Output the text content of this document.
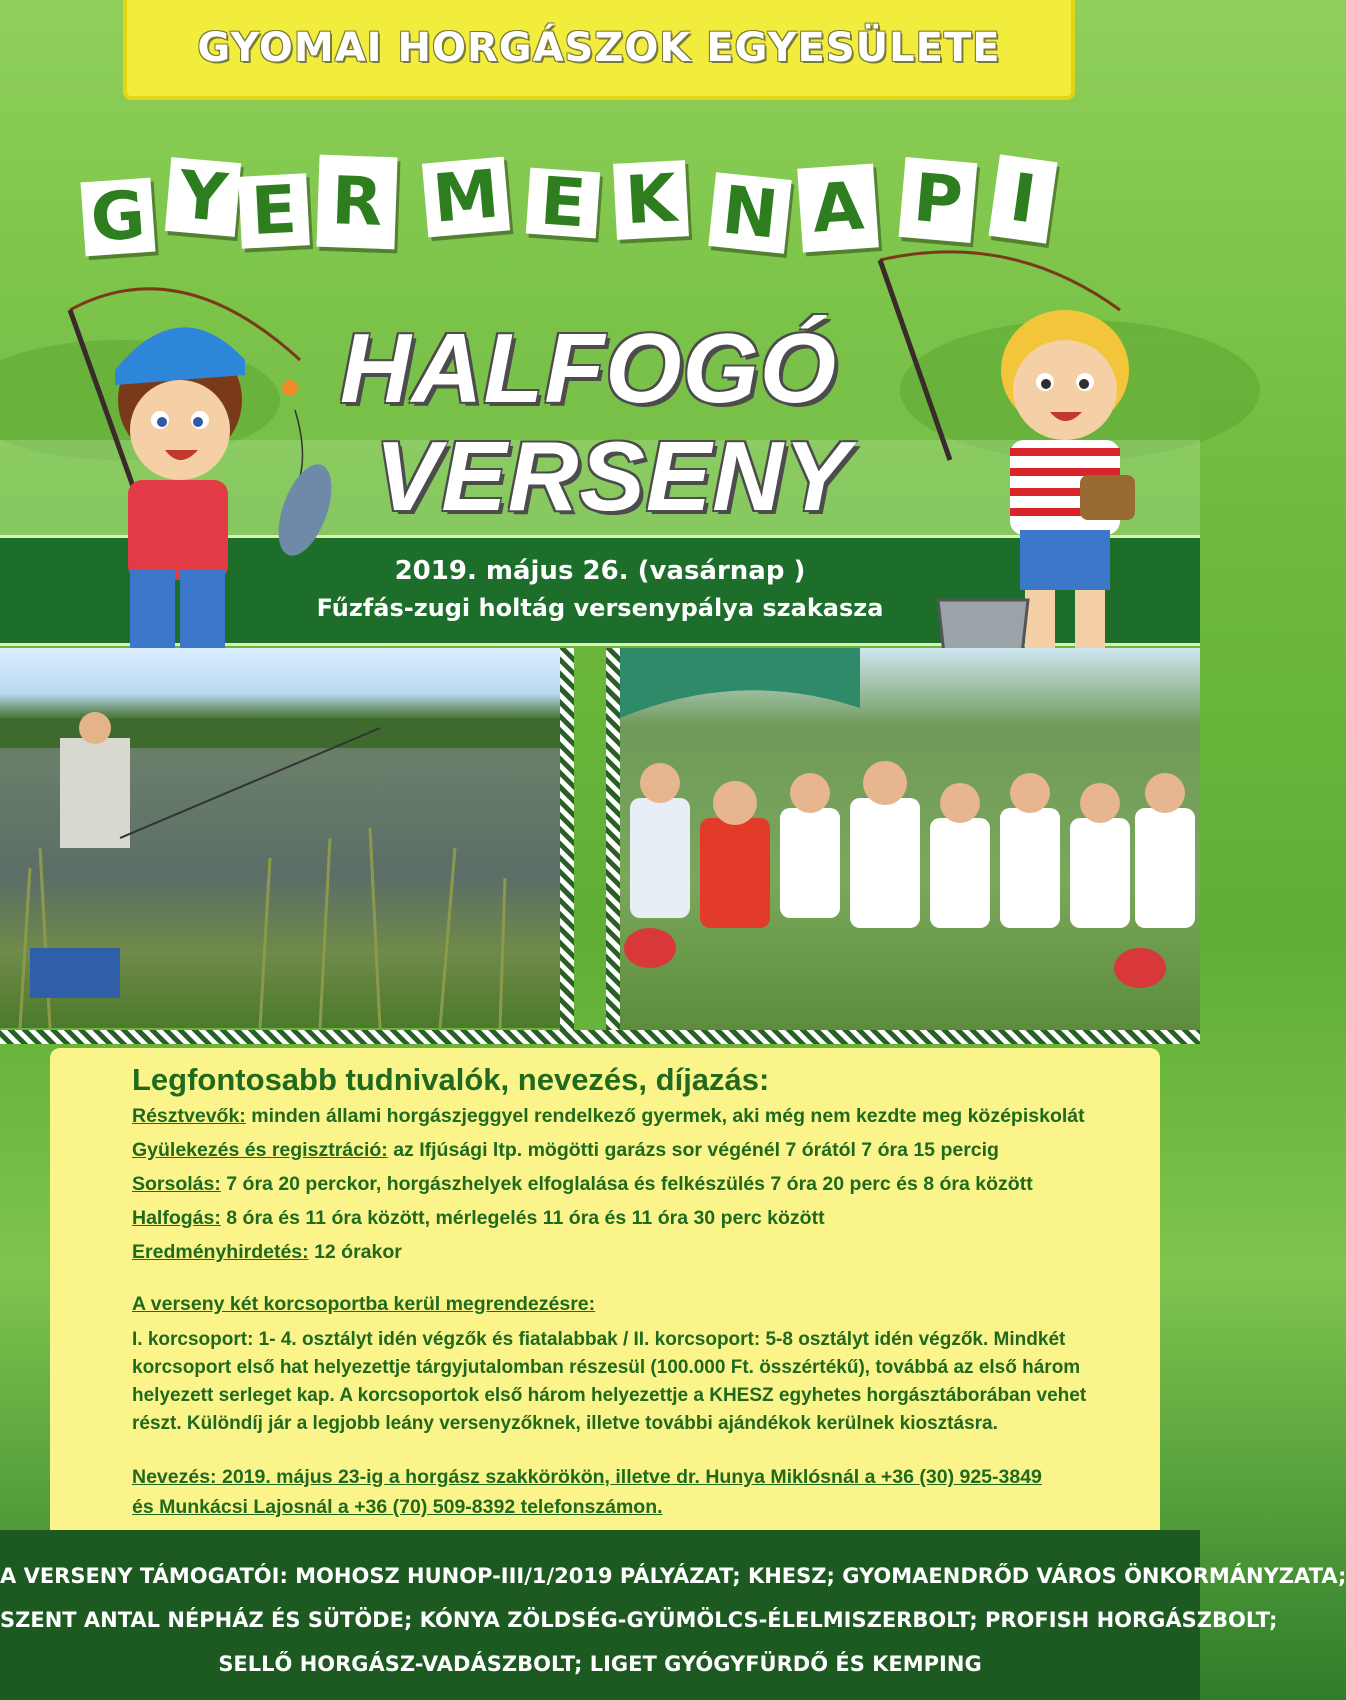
GYOMAI HORGÁSZOK EGYESÜLETE
G Y E R M E K N A P I
HALFOGÓ
VERSENY
2019. május 26. (vasárnap )
Fűzfás-zugi holtág versenypálya szakasza
Legfontosabb tudnivalók, nevezés, díjazás:
Résztvevők: minden állami horgászjeggyel rendelkező gyermek, aki még nem kezdte meg középiskolát
Gyülekezés és regisztráció: az Ifjúsági ltp. mögötti garázs sor végénél 7 órától 7 óra 15 percig
Sorsolás: 7 óra 20 perckor, horgászhelyek elfoglalása és felkészülés 7 óra 20 perc és 8 óra között
Halfogás: 8 óra és 11 óra között, mérlegelés 11 óra és 11 óra 30 perc között
Eredményhirdetés: 12 órakor
A verseny két korcsoportba kerül megrendezésre:
I. korcsoport: 1- 4. osztályt idén végzők és fiatalabbak / II. korcsoport: 5-8 osztályt idén végzők. Mindkét korcsoport első hat helyezettje tárgyjutalomban részesül (100.000 Ft. összértékű), továbbá az első három helyezett serleget kap. A korcsoportok első három helyezettje a KHESZ egyhetes horgásztáborában vehet részt. Különdíj jár a legjobb leány versenyzőknek, illetve további ajándékok kerülnek kiosztásra.
Nevezés: 2019. május 23-ig a horgász szakkörökön, illetve dr. Hunya Miklósnál a +36 (30) 925-3849
és Munkácsi Lajosnál a +36 (70) 509-8392 telefonszámon.
A VERSENY TÁMOGATÓI: MOHOSZ HUNOP-III/1/2019 PÁLYÁZAT; KHESZ; GYOMAENDRŐD VÁROS ÖNKORMÁNYZATA;
SZENT ANTAL NÉPHÁZ ÉS SÜTÖDE; KÓNYA ZÖLDSÉG-GYÜMÖLCS-ÉLELMISZERBOLT; PROFISH HORGÁSZBOLT;
SELLŐ HORGÁSZ-VADÁSZBOLT; LIGET GYÓGYFÜRDŐ ÉS KEMPING
